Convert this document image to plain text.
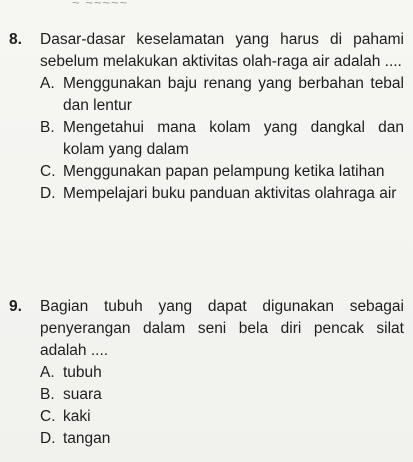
~ ~~~~~
8.	Dasar-dasar keselamatan yang harus di pahami sebelum melakukan aktivitas olah-raga air adalah ....
A. Menggunakan baju renang yang berbahan tebal dan lentur
B. Mengetahui mana kolam yang dangkal dan kolam yang dalam
C. Menggunakan papan pelampung ketika latihan
D. Mempelajari buku panduan aktivitas olahraga air
9.	Bagian tubuh yang dapat digunakan sebagai penyerangan dalam seni bela diri pencak silat adalah ....
A. tubuh
B. suara
C. kaki
D. tangan
